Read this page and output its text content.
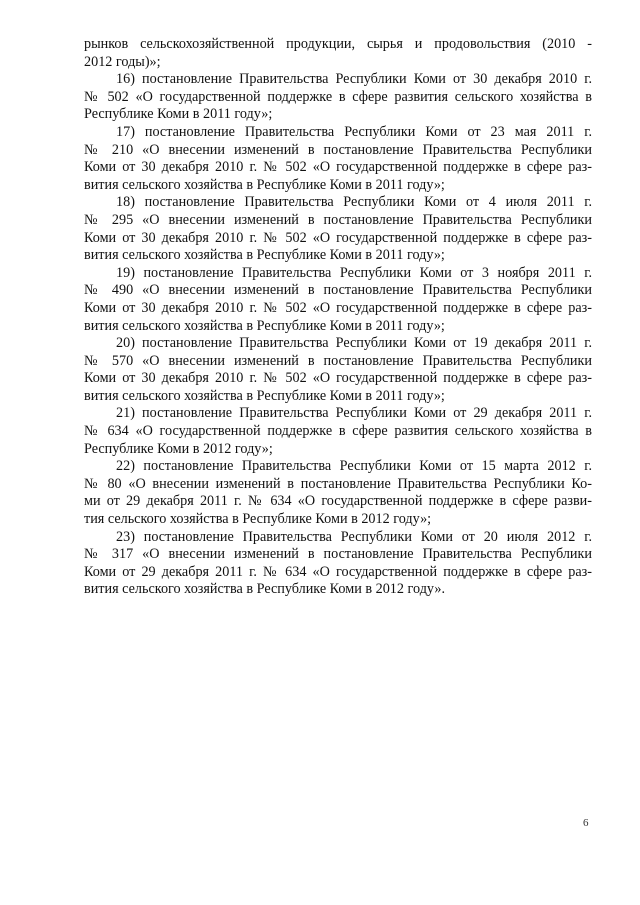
рынков сельскохозяйственной продукции, сырья и продовольствия (2010 -
2012 годы)»;
16) постановление Правительства Республики Коми от 30 декабря 2010 г.
№ 502 «О государственной поддержке в сфере развития сельского хозяйства в
Республике Коми в 2011 году»;
17) постановление Правительства Республики Коми от 23 мая 2011 г.
№ 210 «О внесении изменений в постановление Правительства Республики
Коми от 30 декабря 2010 г. № 502 «О государственной поддержке в сфере раз-
вития сельского хозяйства в Республике Коми в 2011 году»;
18) постановление Правительства Республики Коми от 4 июля 2011 г.
№ 295 «О внесении изменений в постановление Правительства Республики
Коми от 30 декабря 2010 г. № 502 «О государственной поддержке в сфере раз-
вития сельского хозяйства в Республике Коми в 2011 году»;
19) постановление Правительства Республики Коми от 3 ноября 2011 г.
№ 490 «О внесении изменений в постановление Правительства Республики
Коми от 30 декабря 2010 г. № 502 «О государственной поддержке в сфере раз-
вития сельского хозяйства в Республике Коми в 2011 году»;
20) постановление Правительства Республики Коми от 19 декабря 2011 г.
№ 570 «О внесении изменений в постановление Правительства Республики
Коми от 30 декабря 2010 г. № 502 «О государственной поддержке в сфере раз-
вития сельского хозяйства в Республике Коми в 2011 году»;
21) постановление Правительства Республики Коми от 29 декабря 2011 г.
№ 634 «О государственной поддержке в сфере развития сельского хозяйства в
Республике Коми в 2012 году»;
22) постановление Правительства Республики Коми от 15 марта 2012 г.
№ 80 «О внесении изменений в постановление Правительства Республики Ко-
ми от 29 декабря 2011 г. № 634 «О государственной поддержке в сфере разви-
тия сельского хозяйства в Республике Коми в 2012 году»;
23) постановление Правительства Республики Коми от 20 июля 2012 г.
№ 317 «О внесении изменений в постановление Правительства Республики
Коми от 29 декабря 2011 г. № 634 «О государственной поддержке в сфере раз-
вития сельского хозяйства в Республике Коми в 2012 году».
6
